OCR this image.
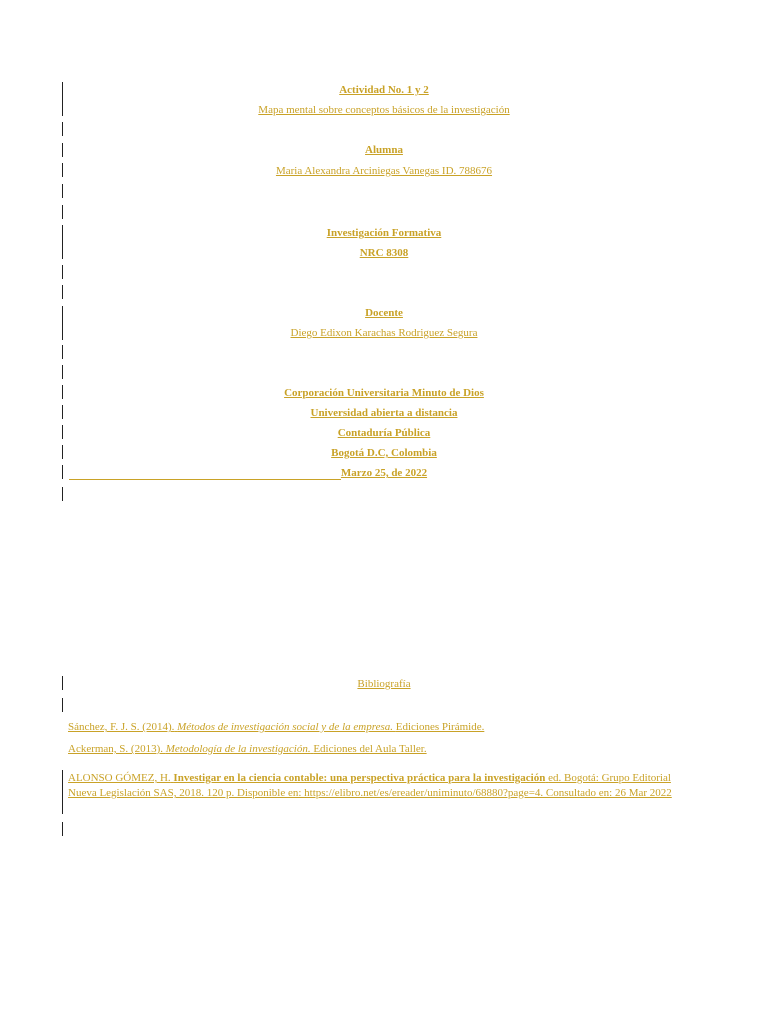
Actividad No. 1 y 2
Mapa mental sobre conceptos básicos de la investigación
Alumna
Maria Alexandra Arciniegas Vanegas ID. 788676
Investigación Formativa
NRC 8308
Docente
Diego Edixon Karachas Rodriguez Segura
Corporación Universitaria Minuto de Dios
Universidad abierta a distancia
Contaduría Pública
Bogotá D.C, Colombia
Marzo 25, de 2022
Bibliografía
Sánchez, F. J. S. (2014). Métodos de investigación social y de la empresa. Ediciones Pirámide.
Ackerman, S. (2013). Metodología de la investigación. Ediciones del Aula Taller.
ALONSO GÓMEZ, H. Investigar en la ciencia contable: una perspectiva práctica para la investigación ed. Bogotá: Grupo Editorial Nueva Legislación SAS, 2018. 120 p. Disponible en: https://elibro.net/es/ereader/uniminuto/68880?page=4. Consultado en: 26 Mar 2022
